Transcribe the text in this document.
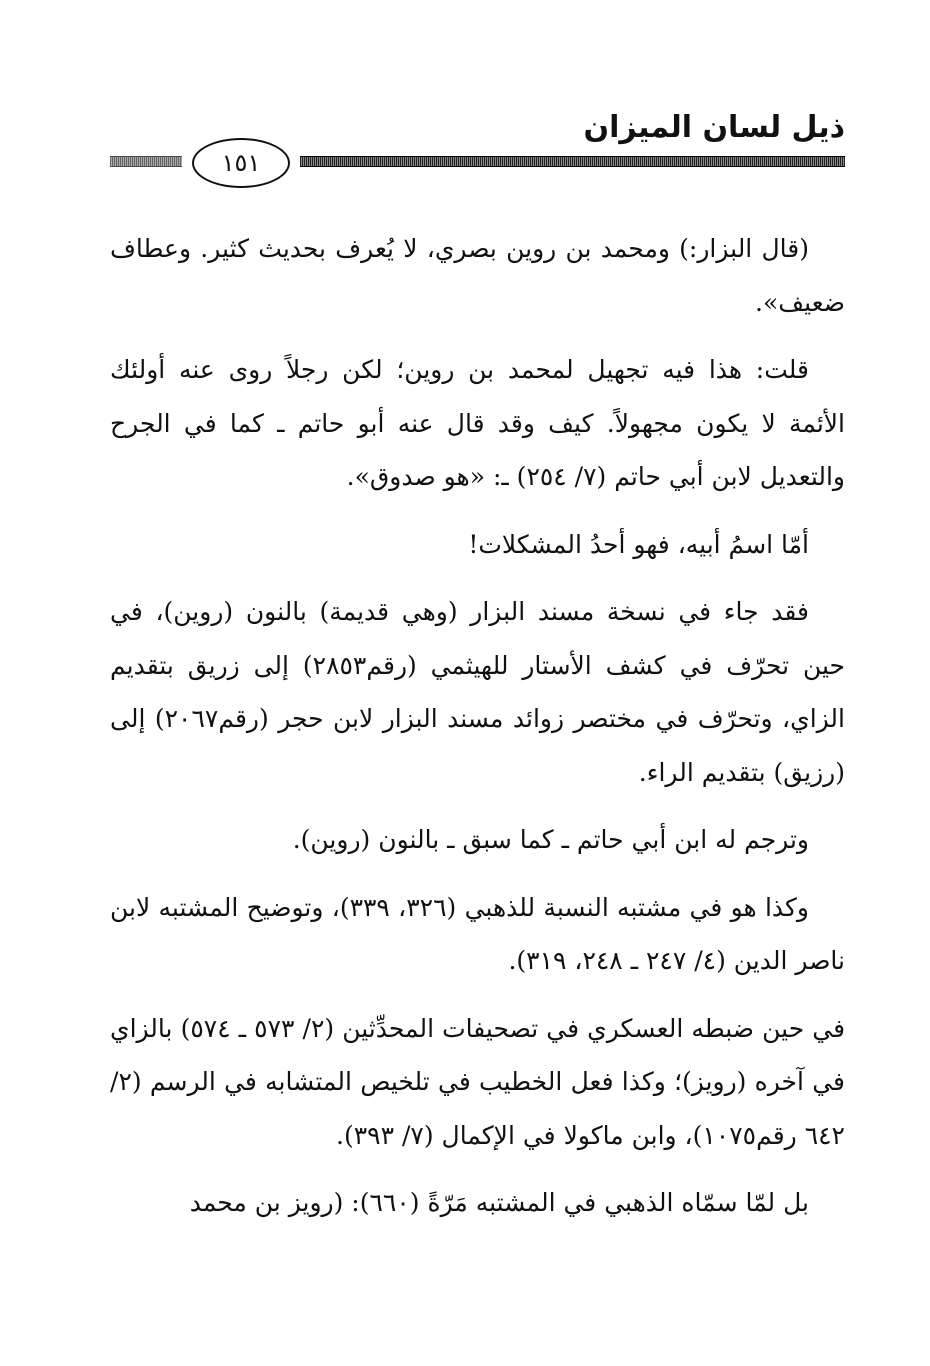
ذيل لسان الميزان
١٥١

(قال البزار:) ومحمد بن روين بصري، لا يُعرف بحديث كثير. وعطاف ضعيف».

قلت: هذا فيه تجهيل لمحمد بن روين؛ لكن رجلاً روى عنه أولئك الأئمة لا يكون مجهولاً. كيف وقد قال عنه أبو حاتم ـ كما في الجرح والتعديل لابن أبي حاتم (٧/ ٢٥٤) ـ: «هو صدوق».

أمّا اسمُ أبيه، فهو أحدُ المشكلات!

فقد جاء في نسخة مسند البزار (وهي قديمة) بالنون (روين)، في حين تحرّف في كشف الأستار للهيثمي (رقم٢٨٥٣) إلى زريق بتقديم الزاي، وتحرّف في مختصر زوائد مسند البزار لابن حجر (رقم٢٠٦٧) إلى (رزيق) بتقديم الراء.

وترجم له ابن أبي حاتم ـ كما سبق ـ بالنون (روين).

وكذا هو في مشتبه النسبة للذهبي (٣٢٦، ٣٣٩)، وتوضيح المشتبه لابن ناصر الدين (٤/ ٢٤٧ ـ ٢٤٨، ٣١٩).

في حين ضبطه العسكري في تصحيفات المحدِّثين (٢/ ٥٧٣ ـ ٥٧٤) بالزاي في آخره (رويز)؛ وكذا فعل الخطيب في تلخيص المتشابه في الرسم (٢/ ٦٤٢ رقم١٠٧٥)، وابن ماكولا في الإكمال (٧/ ٣٩٣).

بل لمّا سمّاه الذهبي في المشتبه مَرّةً (٦٦٠): (رويز بن محمد
